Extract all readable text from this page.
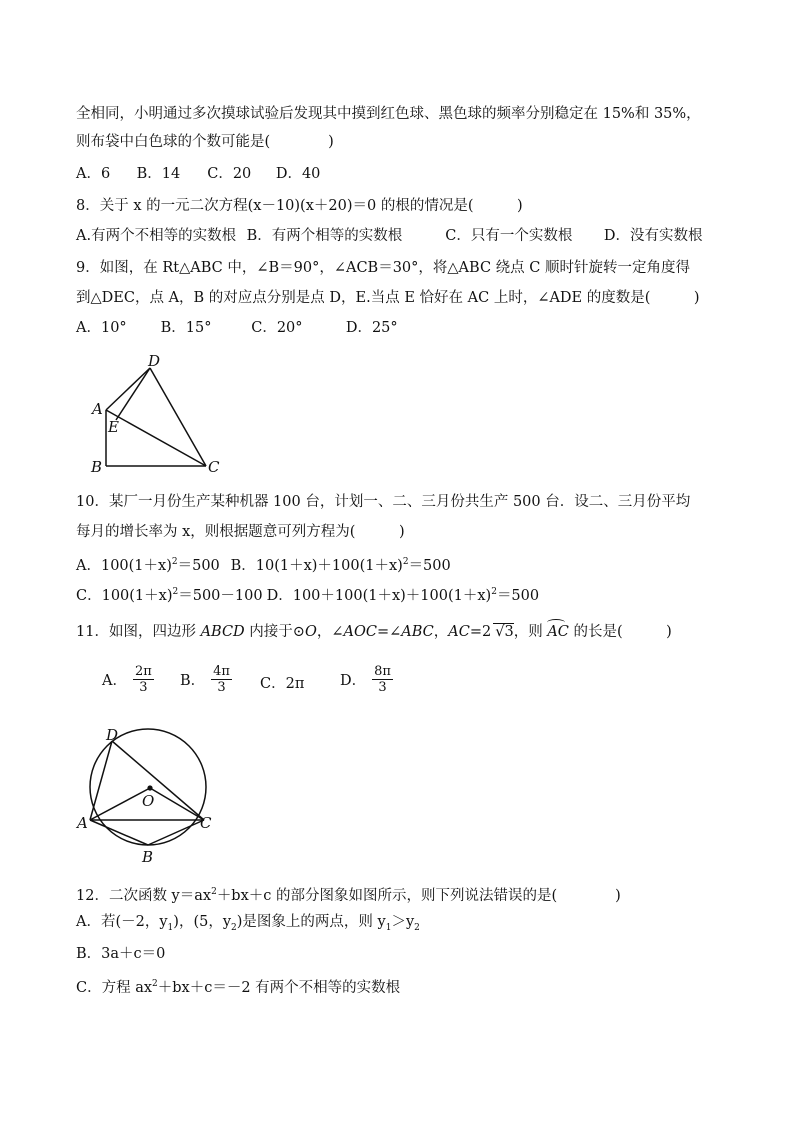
全相同，小明通过多次摸球试验后发现其中摸到红色球、黑色球的频率分别稳定在 15%和 35%，
则布袋中白色球的个数可能是(　　　　)
A．6 B．14 C．20 D．40
8．关于 x 的一元二次方程(x－10)(x＋20)＝0 的根的情况是(　　　)
A.有两个不相等的实数根 B．有两个相等的实数根	C．只有一个实数根 D．没有实数根
9．如图，在 Rt△ABC 中，∠B＝90°，∠ACB＝30°，将△ABC 绕点 C 顺时针旋转一定角度得
到△DEC，点 A，B 的对应点分别是点 D，E.当点 E 恰好在 AC 上时，∠ADE 的度数是(　　　)
A．10° B．15°	C．20°	D．25°
D
A
E
B	C
D
O
A	C
B
10．某厂一月份生产某种机器 100 台，计划一、二、三月份共生产 500 台．设二、三月份平均
每月的增长率为 x，则根据题意可列方程为(　　　)
A．$100(1+x)^2=500$ B．$10(1+x)+100(1+x)^2=500$
C．$100(1+x)^2=500-100$ D．$100+100(1+x)+100(1+x)^2=500$
11．如图，四边形 ABCD 内接于⊙O，∠AOC=∠ABC，AC=2 √3，则 AC 的长是(　　　)
A． $\frac{2\pi}{3}$ B． $\frac{4\pi}{3}$ C．2π D． $\frac{8\pi}{3}$
12．二次函数 $y=ax^2+bx+c$ 的部分图象如图所示，则下列说法错误的是(　　　　)
A．若(－2，$y_1$)，(5，$y_2$)是图象上的两点，则 $y_1>y_2$
B．3a＋c＝0
C．方程 $ax^2+bx+c=-2$ 有两个不相等的实数根
